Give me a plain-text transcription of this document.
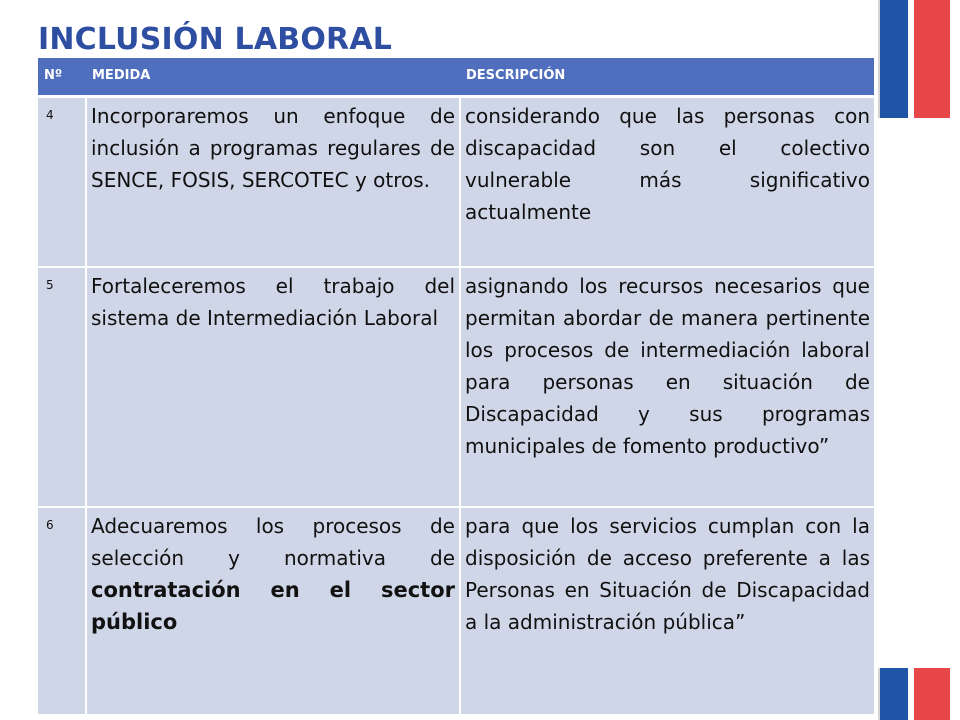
INCLUSIÓN LABORAL
Nº	MEDIDA	DESCRIPCIÓN
4	Incorporaremos un enfoque de inclusión a programas regulares de SENCE, FOSIS, SERCOTEC y otros.	considerando que las personas con discapacidad son el colectivo vulnerable más significativo actualmente
5	Fortaleceremos el trabajo del sistema de Intermediación Laboral	asignando los recursos necesarios que permitan abordar de manera pertinente los procesos de intermediación laboral para personas en situación de Discapacidad y sus programas municipales de fomento productivo”
6	Adecuaremos los procesos de selección y normativa de contratación en el sector público	para que los servicios cumplan con la disposición de acceso preferente a las Personas en Situación de Discapacidad a la administración pública”
